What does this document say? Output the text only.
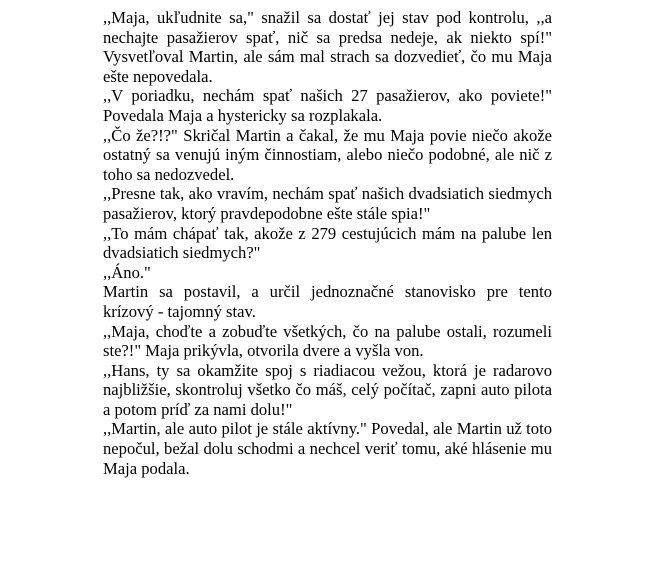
,,Maja, ukľudnite sa," snažil sa dostať jej stav pod kontrolu, ,,a nechajte pasažierov spať, nič sa predsa nedeje, ak niekto spí!" Vysvetľoval Martin, ale sám mal strach sa dozvedieť, čo mu Maja ešte nepovedala.

,,V poriadku, nechám spať našich 27 pasažierov, ako poviete!" Povedala Maja a hystericky sa rozplakala.

,,Čo že?!?" Skričal Martin a čakal, že mu Maja povie niečo akože ostatný sa venujú iným činnostiam, alebo niečo podobné, ale nič z toho sa nedozvedel.

,,Presne tak, ako vravím, nechám spať našich dvadsiatich siedmych pasažierov, ktorý pravdepodobne ešte stále spia!"

,,To mám chápať tak, akože z 279 cestujúcich mám na palube len dvadsiatich siedmych?"

,,Áno."

Martin sa postavil, a určil jednoznačné stanovisko pre tento krízový - tajomný stav.

,,Maja, choďte a zobuďte všetkých, čo na palube ostali, rozumeli ste?!" Maja prikývla, otvorila dvere a vyšla von.

,,Hans, ty sa okamžite spoj s riadiacou vežou, ktorá je radarovo najbližšie, skontroluj všetko čo máš, celý počítač, zapni auto pilota a potom príď za nami dolu!"

,,Martin, ale auto pilot je stále aktívny." Povedal, ale Martin už toto nepočul, bežal dolu schodmi a nechcel veriť tomu, aké hlásenie mu Maja podala.
